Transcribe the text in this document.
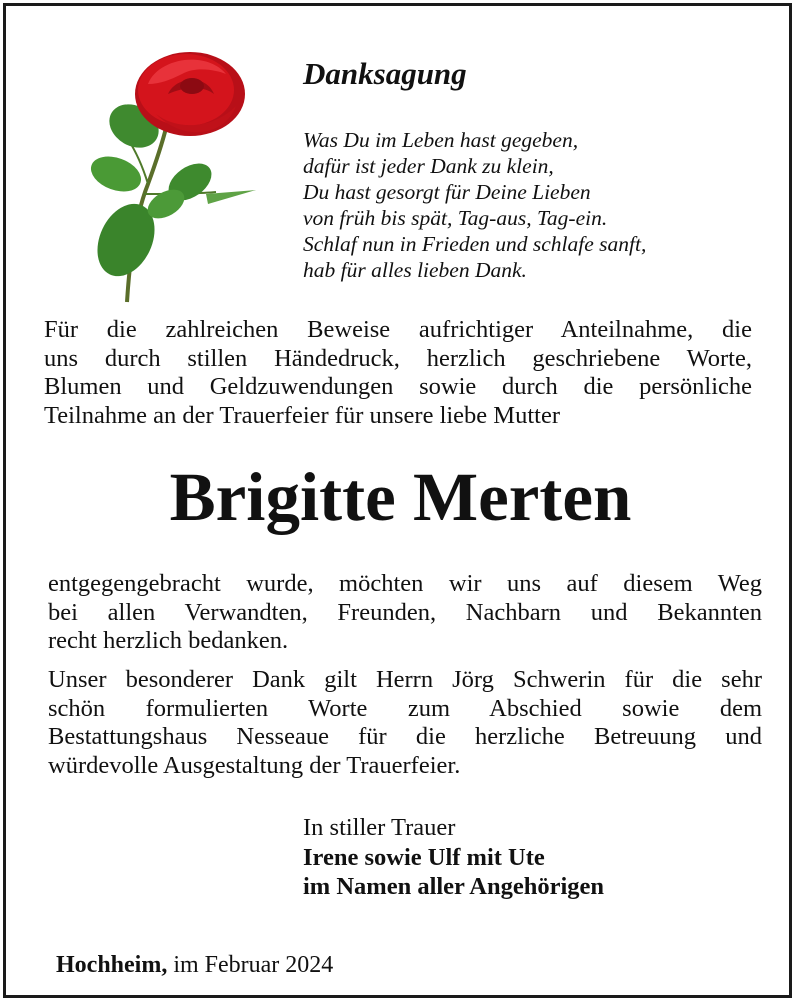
Danksagung
Was Du im Leben hast gegeben,
dafür ist jeder Dank zu klein,
Du hast gesorgt für Deine Lieben
von früh bis spät, Tag-aus, Tag-ein.
Schlaf nun in Frieden und schlafe sanft,
hab für alles lieben Dank.
Für die zahlreichen Beweise aufrichtiger Anteilnahme, die
uns durch stillen Händedruck, herzlich geschriebene Worte,
Blumen und Geldzuwendungen sowie durch die persönliche
Teilnahme an der Trauerfeier für unsere liebe Mutter
Brigitte Merten
entgegengebracht wurde, möchten wir uns auf diesem Weg
bei allen Verwandten, Freunden, Nachbarn und Bekannten
recht herzlich bedanken.
Unser besonderer Dank gilt Herrn Jörg Schwerin für die sehr
schön formulierten Worte zum Abschied sowie dem
Bestattungshaus Nesseaue für die herzliche Betreuung und
würdevolle Ausgestaltung der Trauerfeier.
In stiller Trauer
Irene sowie Ulf mit Ute
im Namen aller Angehörigen
Hochheim, im Februar 2024
